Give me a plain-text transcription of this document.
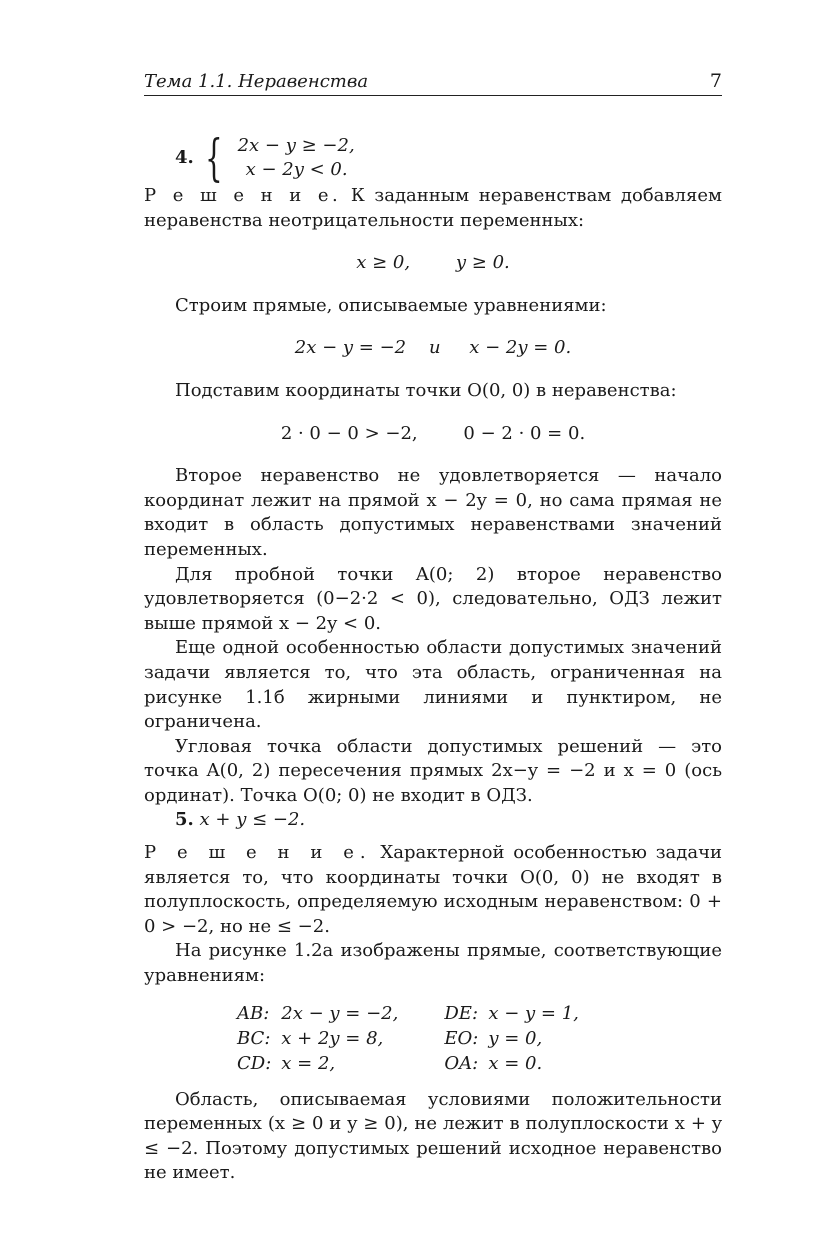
Тема 1.1. Неравенства	7
4. { 2x − y ≥ −2,
x − 2y < 0.

Р е ш е н и е. К заданным неравенствам добавляем неравенства неотрицательности переменных:

x ≥ 0,        y ≥ 0.

Строим прямые, описываемые уравнениями:

2x − y = −2    и     x − 2y = 0.

Подставим координаты точки O(0, 0) в неравенства:

2 · 0 − 0 > −2,        0 − 2 · 0 = 0.

Второе неравенство не удовлетворяется — начало координат лежит на прямой x − 2y = 0, но сама прямая не входит в область допустимых неравенствами значений переменных.

Для пробной точки A(0; 2) второе неравенство удовлетворяется (0−2·2 < 0), следовательно, ОДЗ лежит выше прямой x − 2y < 0.

Еще одной особенностью области допустимых значений задачи является то, что эта область, ограниченная на рисунке 1.1б жирными линиями и пунктиром, не ограничена.

Угловая точка области допустимых решений — это точка A(0, 2) пересечения прямых 2x−y = −2 и x = 0 (ось ординат). Точка O(0; 0) не входит в ОДЗ.

5. x + y ≤ −2.

Р е ш е н и е. Характерной особенностью задачи является то, что координаты точки O(0, 0) не входят в полуплоскость, определяемую исходным неравенством: 0 + 0 > −2, но не ≤ −2.

На рисунке 1.2а изображены прямые, соответствующие уравнениям:

AB:	2x − y = −2,	DE:	x − y = 1,
BC:	x + 2y = 8,	EO:	y = 0,
CD:	x = 2,	OA:	x = 0.

Область, описываемая условиями положительности переменных (x ≥ 0 и y ≥ 0), не лежит в полуплоскости x + y ≤ −2. Поэтому допустимых решений исходное неравенство не имеет.
